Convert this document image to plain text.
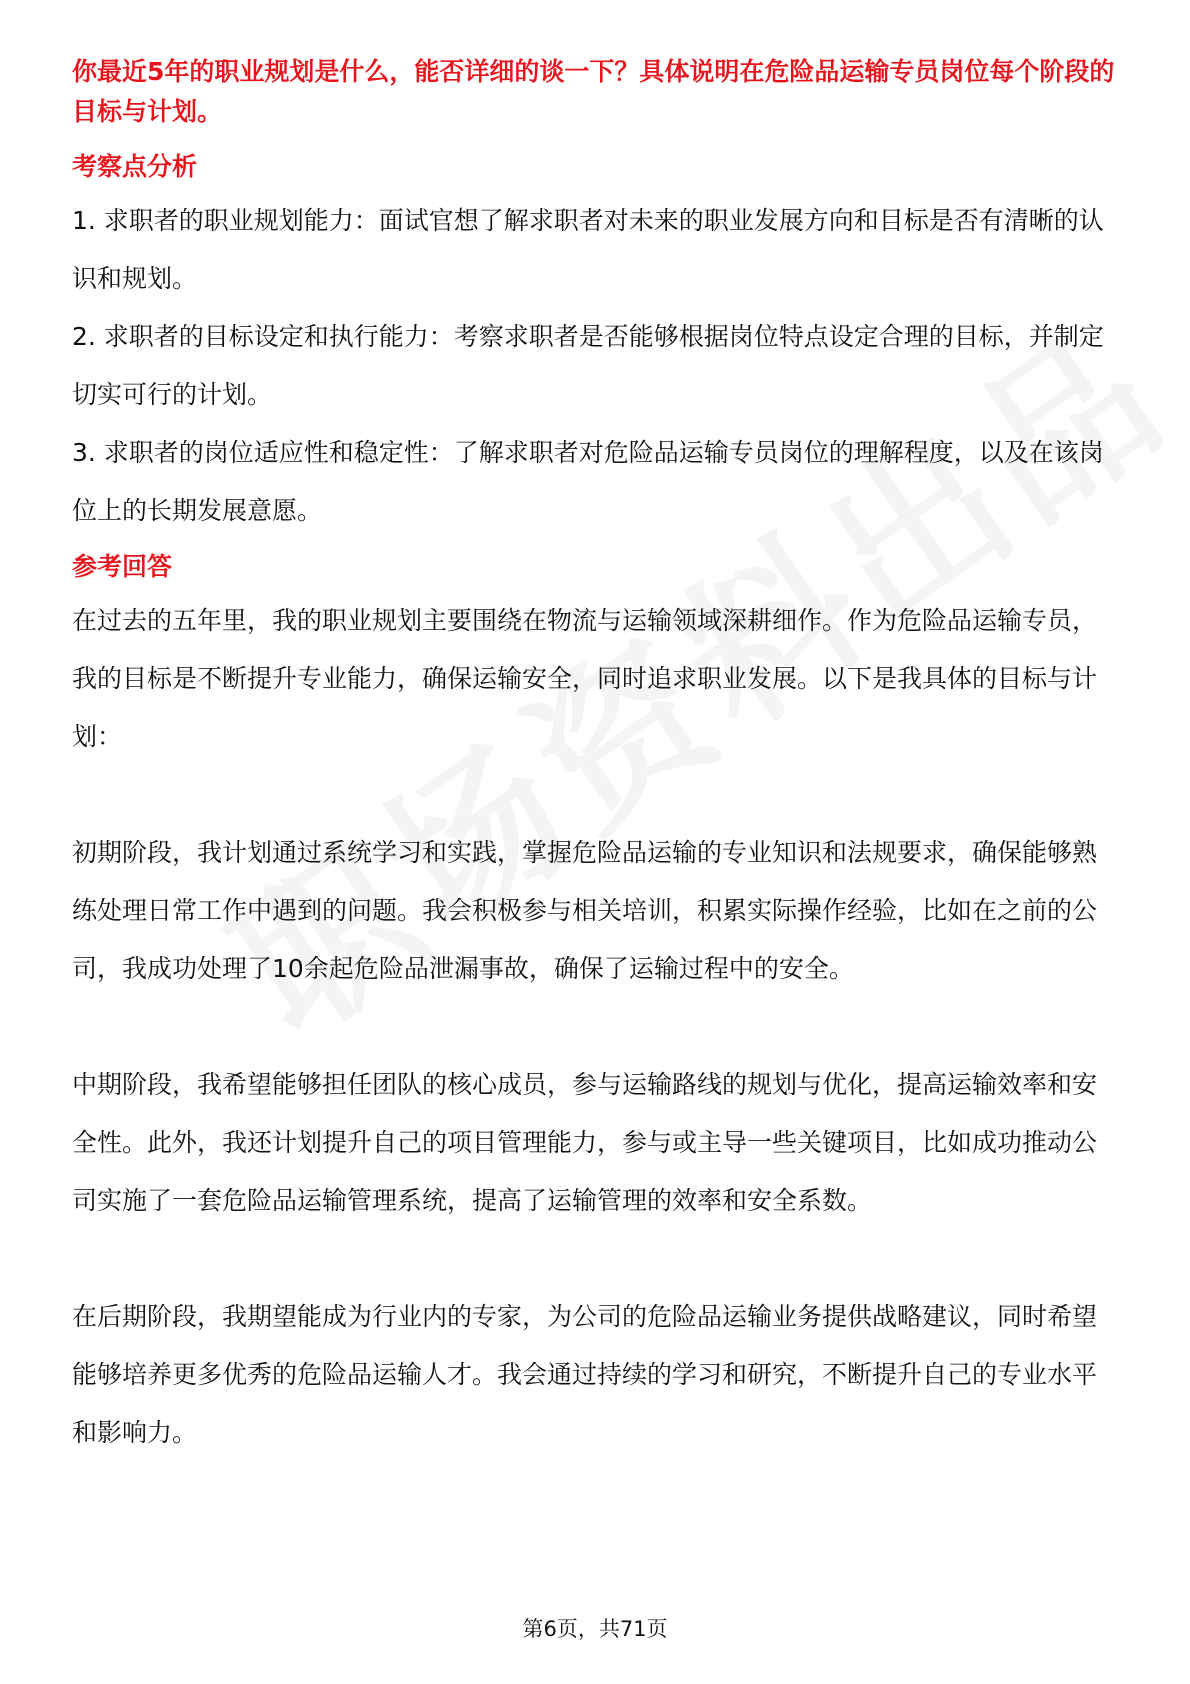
你最近5年的职业规划是什么，能否详细的谈一下？具体说明在危险品运输专员岗位每个阶段的目标与计划。

考察点分析

1. 求职者的职业规划能力：面试官想了解求职者对未来的职业发展方向和目标是否有清晰的认识和规划。

2. 求职者的目标设定和执行能力：考察求职者是否能够根据岗位特点设定合理的目标，并制定切实可行的计划。

3. 求职者的岗位适应性和稳定性：了解求职者对危险品运输专员岗位的理解程度，以及在该岗位上的长期发展意愿。

参考回答

在过去的五年里，我的职业规划主要围绕在物流与运输领域深耕细作。作为危险品运输专员，我的目标是不断提升专业能力，确保运输安全，同时追求职业发展。以下是我具体的目标与计划：

初期阶段，我计划通过系统学习和实践，掌握危险品运输的专业知识和法规要求，确保能够熟练处理日常工作中遇到的问题。我会积极参与相关培训，积累实际操作经验，比如在之前的公司，我成功处理了10余起危险品泄漏事故，确保了运输过程中的安全。

中期阶段，我希望能够担任团队的核心成员，参与运输路线的规划与优化，提高运输效率和安全性。此外，我还计划提升自己的项目管理能力，参与或主导一些关键项目，比如成功推动公司实施了一套危险品运输管理系统，提高了运输管理的效率和安全系数。

在后期阶段，我期望能成为行业内的专家，为公司的危险品运输业务提供战略建议，同时希望能够培养更多优秀的危险品运输人才。我会通过持续的学习和研究，不断提升自己的专业水平和影响力。

第6页，共71页
